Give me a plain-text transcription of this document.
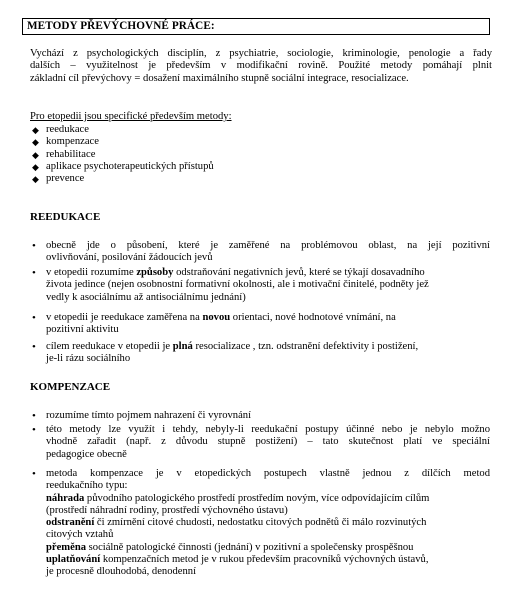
METODY PŘEVÝCHOVNÉ PRÁCE:
Vychází z psychologických disciplín, z psychiatrie, sociologie, kriminologie, penologie a řady
dalších – využitelnost je především v modifikační rovině. Použité metody pomáhají plnit
základní cíl převýchovy = dosažení maximálního stupně sociální integrace, resocializace.
Pro etopedii jsou specifické především metody:
◆ reedukace
◆ kompenzace
◆ rehabilitace
◆ aplikace psychoterapeutických přístupů
◆ prevence
REEDUKACE
• obecně jde o působení, které je zaměřené na problémovou oblast, na její pozitivní
ovlivňování, posilování žádoucích jevů
• v etopedii rozumíme způsoby odstraňování negativních jevů, které se týkají dosavadního
života jedince (nejen osobnostní formativní okolnosti, ale i motivační činitelé, podněty jež
vedly k asociálnímu až antisociálnímu jednání)
• v etopedii je reedukace zaměřena na novou orientaci, nové hodnotové vnímání, na
pozitivní aktivitu
• cílem reedukace v etopedii je plná resocializace , tzn. odstranění defektivity i postižení,
je-li rázu sociálního
KOMPENZACE
• rozumíme tímto pojmem nahrazení či vyrovnání
• této metody lze využít i tehdy, nebyly-li reedukační postupy účinné nebo je nebylo možno
vhodně zařadit (např. z důvodu stupně postižení) – tato skutečnost platí ve speciální
pedagogice obecně
• metoda kompenzace je v etopedických postupech vlastně jednou z dílčích metod
reedukačního typu:
náhrada původního patologického prostředí prostředím novým, více odpovídajícím cílům
(prostředí náhradní rodiny, prostředí výchovného ústavu)
odstranění či zmírnění citové chudosti, nedostatku citových podnětů či málo rozvinutých
citových vztahů
přeměna sociálně patologické činnosti (jednání) v pozitivní a společensky prospěšnou
uplatňování kompenzačních metod je v rukou především pracovníků výchovných ústavů,
je procesně dlouhodobá, denodenní
